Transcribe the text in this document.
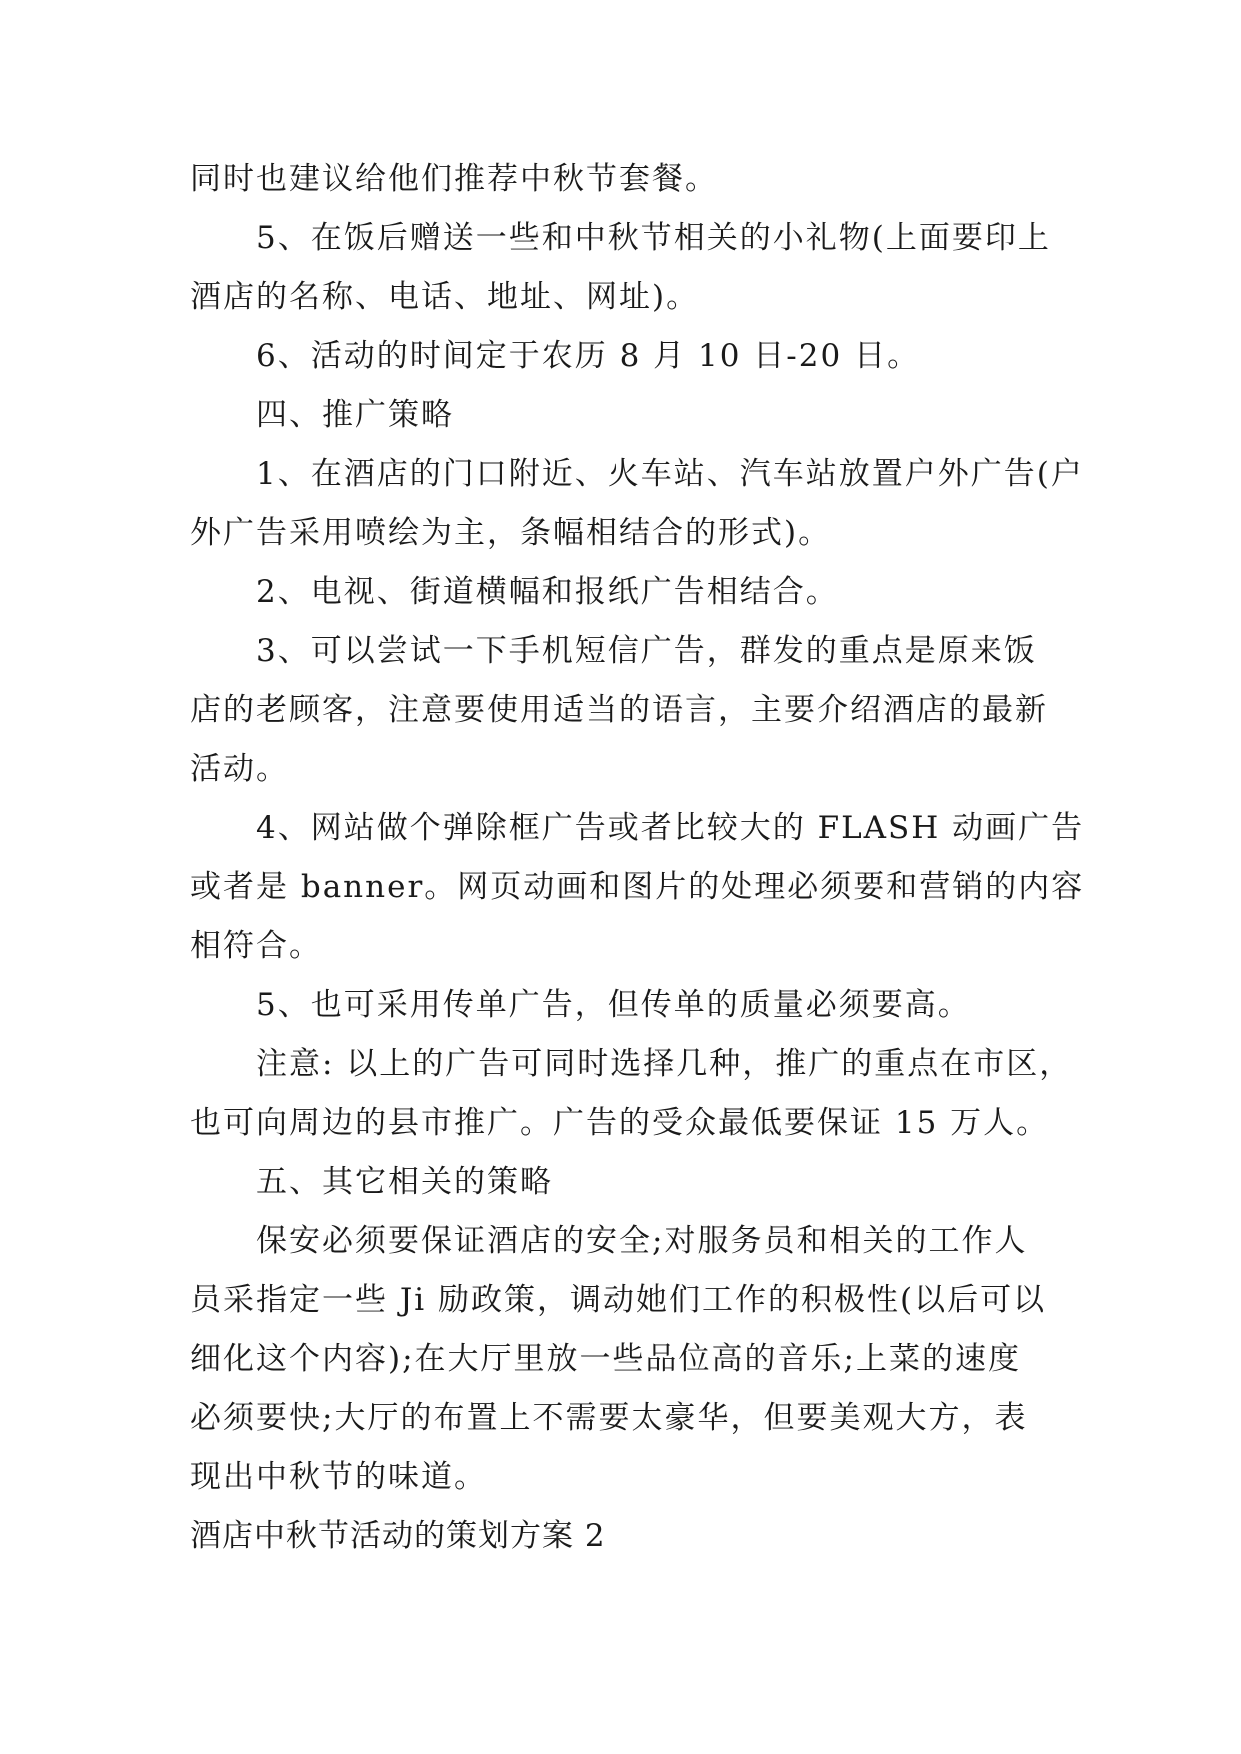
同时也建议给他们推荐中秋节套餐。
5、在饭后赠送一些和中秋节相关的小礼物(上面要印上
酒店的名称、电话、地址、网址)。
6、活动的时间定于农历 8 月 10 日-20 日。
四、推广策略
1、在酒店的门口附近、火车站、汽车站放置户外广告(户
外广告采用喷绘为主，条幅相结合的形式)。
2、电视、街道横幅和报纸广告相结合。
3、可以尝试一下手机短信广告，群发的重点是原来饭
店的老顾客，注意要使用适当的语言，主要介绍酒店的最新
活动。
4、网站做个弹除框广告或者比较大的 FLASH 动画广告
或者是 banner。网页动画和图片的处理必须要和营销的内容
相符合。
5、也可采用传单广告，但传单的质量必须要高。
注意: 以上的广告可同时选择几种，推广的重点在市区，
也可向周边的县市推广。广告的受众最低要保证 15 万人。
五、其它相关的策略
保安必须要保证酒店的安全;对服务员和相关的工作人
员采指定一些 Ji 励政策，调动她们工作的积极性(以后可以
细化这个内容);在大厅里放一些品位高的音乐;上菜的速度
必须要快;大厅的布置上不需要太豪华，但要美观大方，表
现出中秋节的味道。
酒店中秋节活动的策划方案 2
